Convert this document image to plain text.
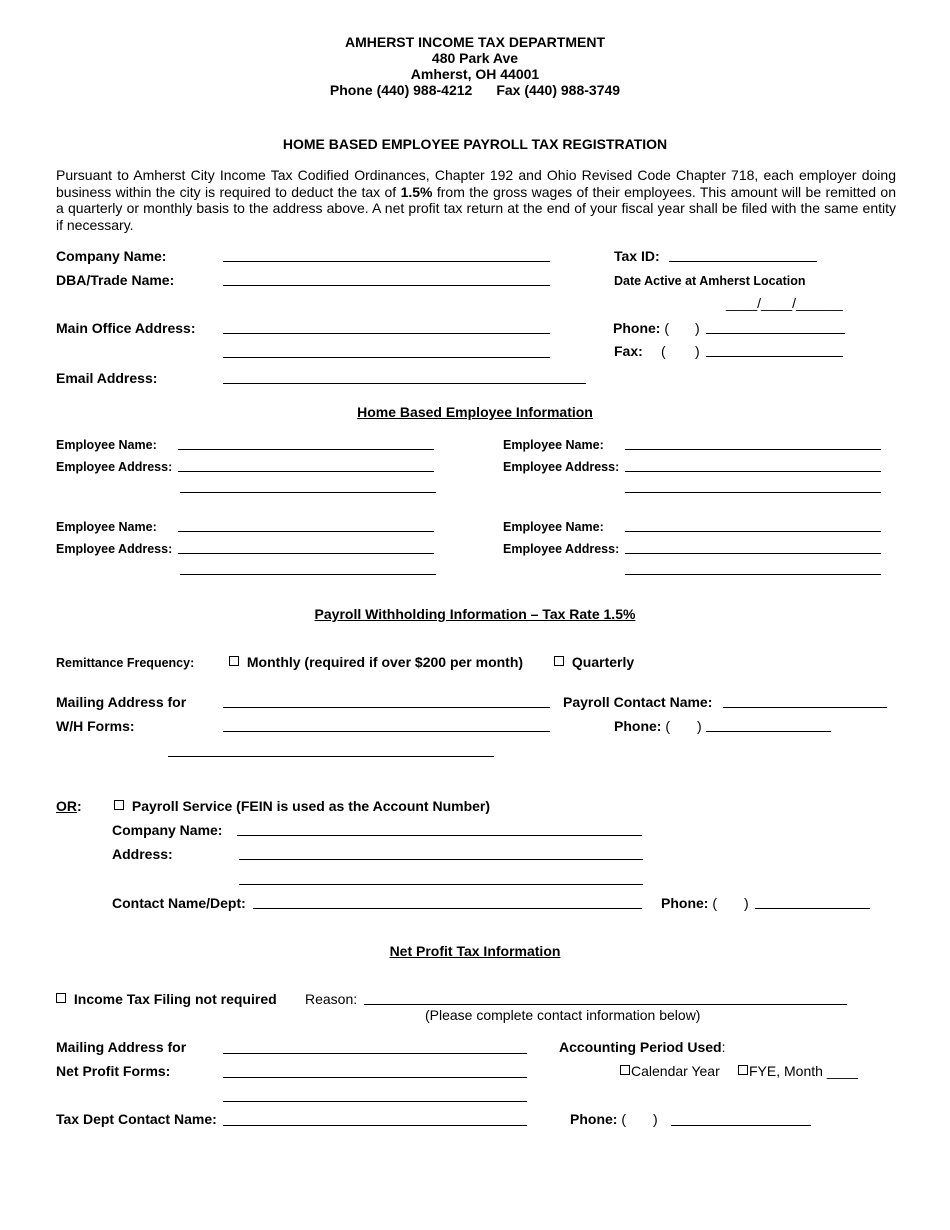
AMHERST INCOME TAX DEPARTMENT
480 Park Ave
Amherst, OH 44001
Phone (440) 988-4212 Fax (440) 988-3749
HOME BASED EMPLOYEE PAYROLL TAX REGISTRATION
Pursuant to Amherst City Income Tax Codified Ordinances, Chapter 192 and Ohio Revised Code Chapter 718, each employer doing business within the city is required to deduct the tax of 1.5% from the gross wages of their employees. This amount will be remitted on a quarterly or monthly basis to the address above. A net profit tax return at the end of your fiscal year shall be filed with the same entity if necessary.
Company Name:
DBA/Trade Name:
Main Office Address:
Email Address:
Tax ID:
Date Active at Amherst Location
____/____/______
Phone: ( )
Fax: ( )
Home Based Employee Information
Employee Name:
Employee Address:
Employee Name:
Employee Address:
Employee Name:
Employee Address:
Employee Name:
Employee Address:
Payroll Withholding Information – Tax Rate 1.5%
Remittance Frequency:	Monthly (required if over $200 per month)	Quarterly
Mailing Address for
W/H Forms:
Payroll Contact Name:
Phone: ( )
OR:	Payroll Service (FEIN is used as the Account Number)
Company Name:
Address:
Contact Name/Dept:	Phone: ( )
Net Profit Tax Information
Income Tax Filing not required Reason:
(Please complete contact information below)
Mailing Address for
Net Profit Forms:
Accounting Period Used:
Calendar Year	FYE, Month ____
Tax Dept Contact Name:	Phone: ( )
